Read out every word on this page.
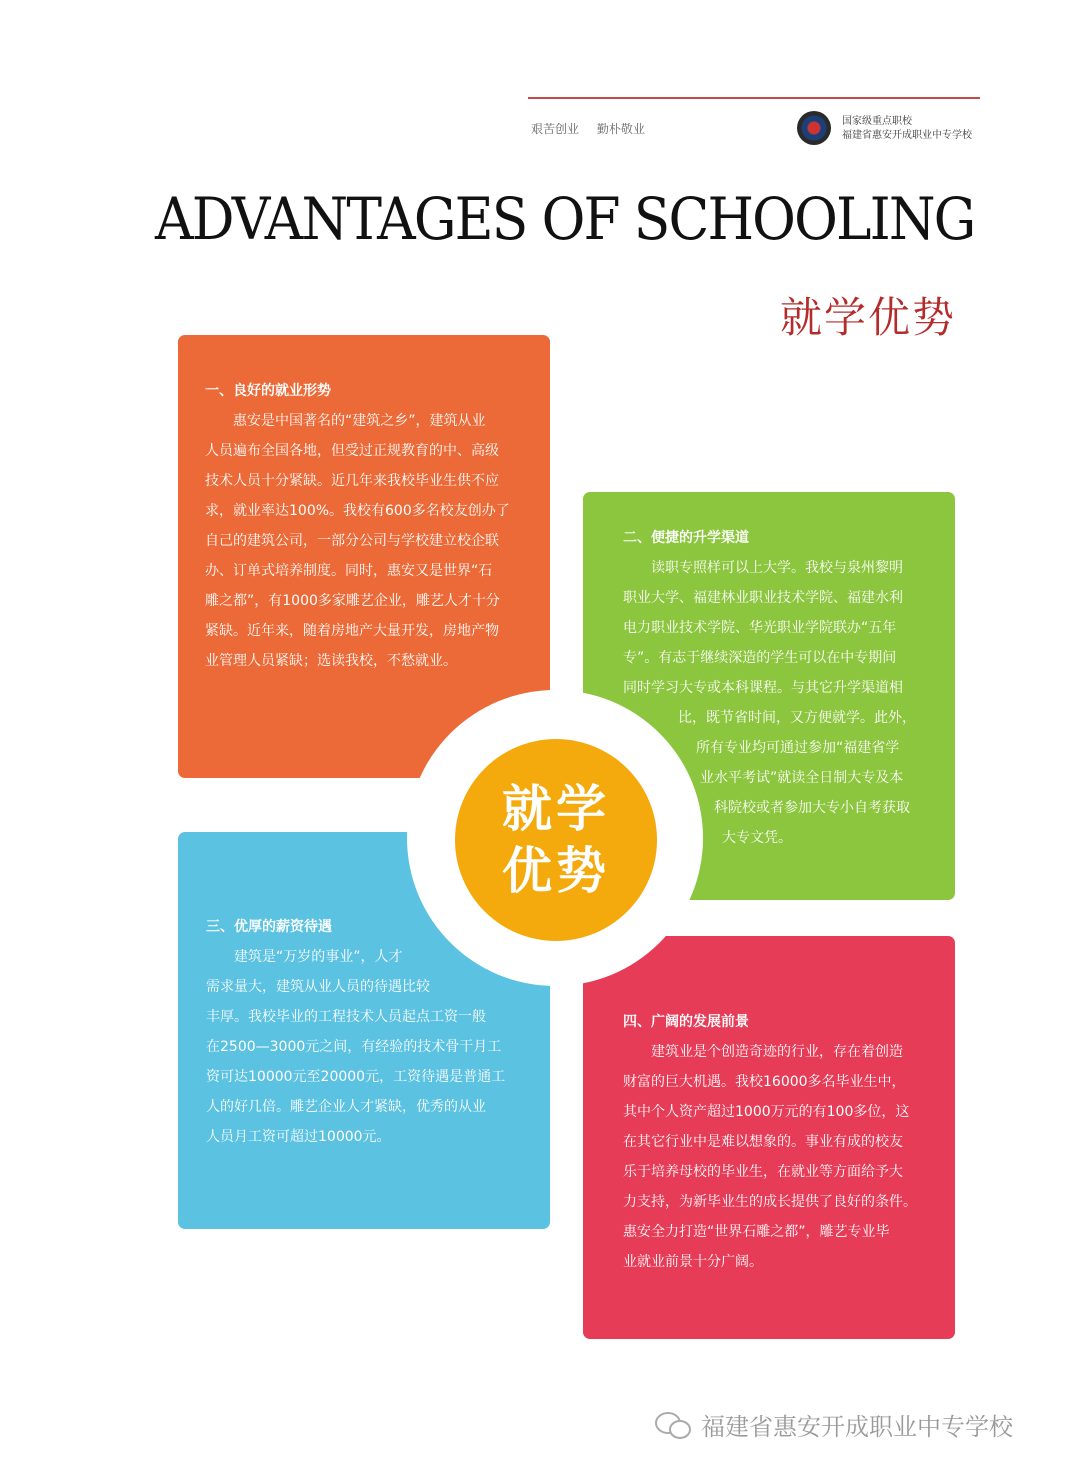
艰苦创业 勤朴敬业
国家级重点职校
福建省惠安开成职业中专学校
ADVANTAGES OF SCHOOLING
就学优势
一、良好的就业形势
　　惠安是中国著名的“建筑之乡”，建筑从业
人员遍布全国各地，但受过正规教育的中、高级
技术人员十分紧缺。近几年来我校毕业生供不应
求，就业率达100%。我校有600多名校友创办了
自己的建筑公司，一部分公司与学校建立校企联
办、订单式培养制度。同时，惠安又是世界“石
雕之都”，有1000多家雕艺企业，雕艺人才十分
紧缺。近年来，随着房地产大量开发，房地产物
业管理人员紧缺；选读我校，不愁就业。
二、便捷的升学渠道
　　读职专照样可以上大学。我校与泉州黎明
职业大学、福建林业职业技术学院、福建水利
电力职业技术学院、华光职业学院联办“五年
专”。有志于继续深造的学生可以在中专期间
同时学习大专或本科课程。与其它升学渠道相
比，既节省时间，又方便就学。此外，
所有专业均可通过参加“福建省学
业水平考试”就读全日制大专及本
科院校或者参加大专小自考获取
大专文凭。
三、优厚的薪资待遇
　　建筑是“万岁的事业”，人才
需求量大，建筑从业人员的待遇比较
丰厚。我校毕业的工程技术人员起点工资一般
在2500—3000元之间，有经验的技术骨干月工
资可达10000元至20000元，工资待遇是普通工
人的好几倍。雕艺企业人才紧缺，优秀的从业
人员月工资可超过10000元。
四、广阔的发展前景
　　建筑业是个创造奇迹的行业，存在着创造
财富的巨大机遇。我校16000多名毕业生中，
其中个人资产超过1000万元的有100多位，这
在其它行业中是难以想象的。事业有成的校友
乐于培养母校的毕业生，在就业等方面给予大
力支持，为新毕业生的成长提供了良好的条件。
惠安全力打造“世界石雕之都”，雕艺专业毕
业就业前景十分广阔。
就学
优势
福建省惠安开成职业中专学校
